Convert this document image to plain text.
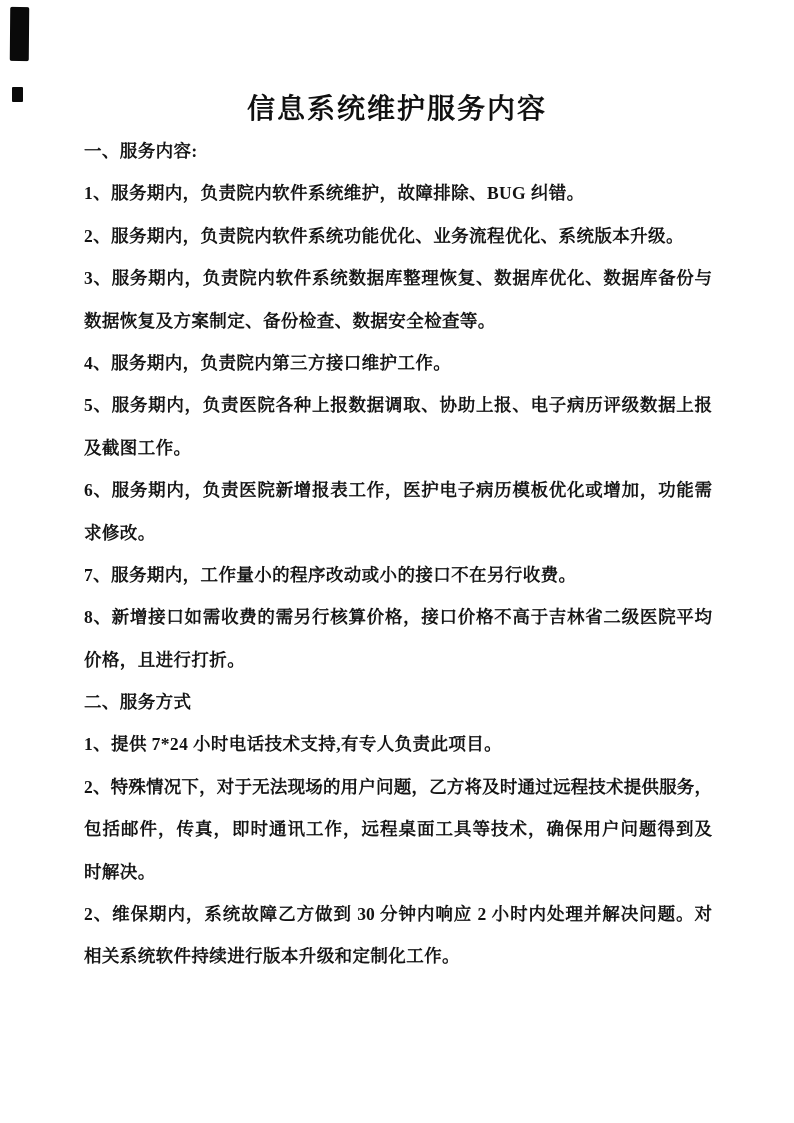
信息系统维护服务内容
一、服务内容:
1、服务期内，负责院内软件系统维护，故障排除、BUG 纠错。
2、服务期内，负责院内软件系统功能优化、业务流程优化、系统版本升级。
3、服务期内，负责院内软件系统数据库整理恢复、数据库优化、数据库备份与
数据恢复及方案制定、备份检查、数据安全检查等。
4、服务期内，负责院内第三方接口维护工作。
5、服务期内，负责医院各种上报数据调取、协助上报、电子病历评级数据上报
及截图工作。
6、服务期内，负责医院新增报表工作，医护电子病历模板优化或增加，功能需
求修改。
7、服务期内，工作量小的程序改动或小的接口不在另行收费。
8、新增接口如需收费的需另行核算价格，接口价格不高于吉林省二级医院平均
价格，且进行打折。
二、服务方式
1、提供 7*24 小时电话技术支持,有专人负责此项目。
2、特殊情况下，对于无法现场的用户问题，乙方将及时通过远程技术提供服务，
包括邮件，传真，即时通讯工作，远程桌面工具等技术，确保用户问题得到及
时解决。
2、维保期内，系统故障乙方做到 30 分钟内响应 2 小时内处理并解决问题。对
相关系统软件持续进行版本升级和定制化工作。
